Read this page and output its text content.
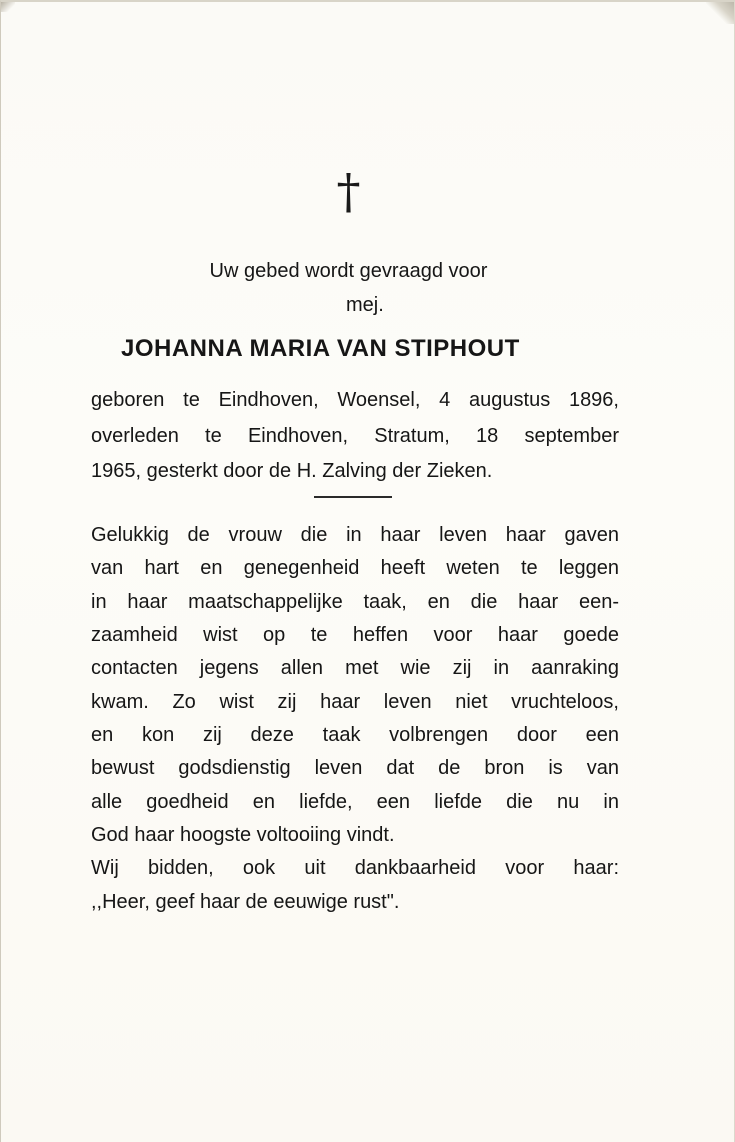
†
Uw gebed wordt gevraagd voor
mej.
JOHANNA MARIA VAN STIPHOUT
geboren te Eindhoven, Woensel, 4 augustus 1896,
overleden te Eindhoven, Stratum, 18 september
1965, gesterkt door de H. Zalving der Zieken.
Gelukkig de vrouw die in haar leven haar gaven
van hart en genegenheid heeft weten te leggen
in haar maatschappelijke taak, en die haar een-
zaamheid wist op te heffen voor haar goede
contacten jegens allen met wie zij in aanraking
kwam. Zo wist zij haar leven niet vruchteloos,
en kon zij deze taak volbrengen door een
bewust godsdienstig leven dat de bron is van
alle goedheid en liefde, een liefde die nu in
God haar hoogste voltooiing vindt.
Wij bidden, ook uit dankbaarheid voor haar:
,,Heer, geef haar de eeuwige rust".
